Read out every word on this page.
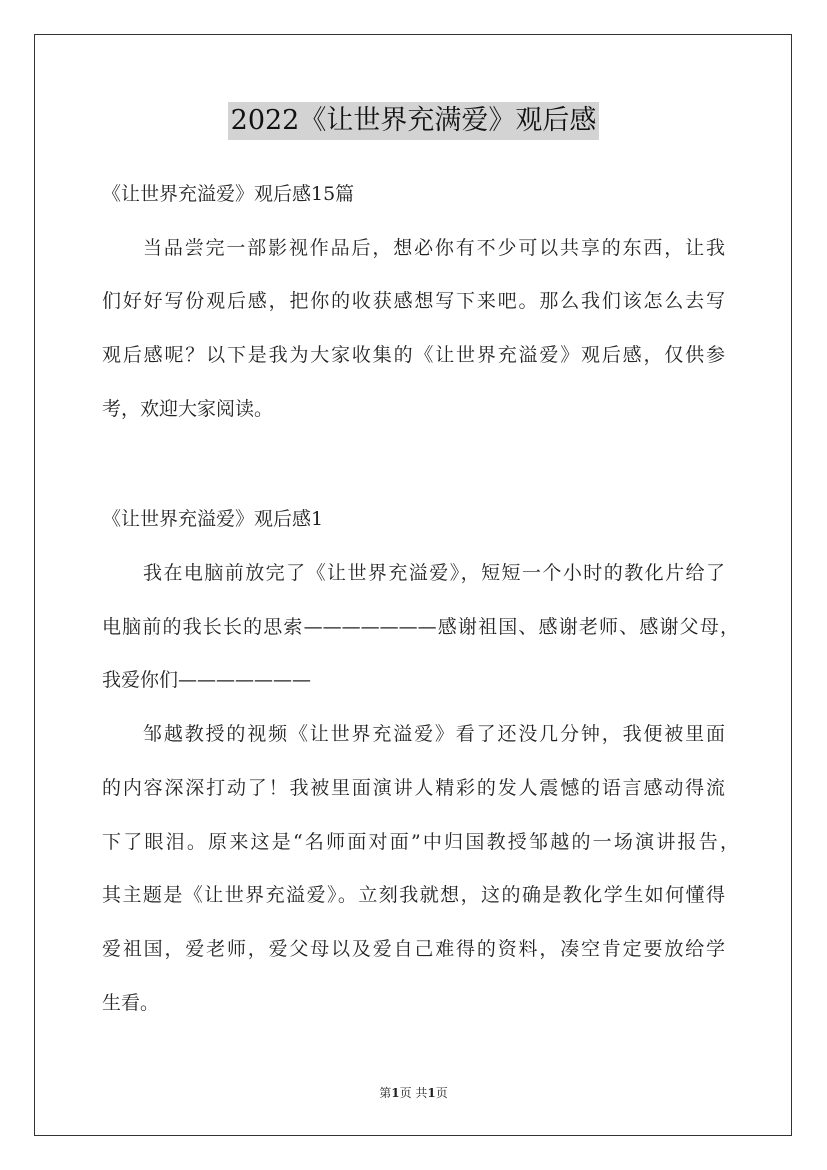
2022《让世界充满爱》观后感
《让世界充溢爱》观后感15篇
当品尝完一部影视作品后，想必你有不少可以共享的东西，让我
们好好写份观后感，把你的收获感想写下来吧。那么我们该怎么去写
观后感呢？以下是我为大家收集的《让世界充溢爱》观后感，仅供参
考，欢迎大家阅读。
《让世界充溢爱》观后感1
我在电脑前放完了《让世界充溢爱》，短短一个小时的教化片给了
电脑前的我长长的思索———————感谢祖国、感谢老师、感谢父母，
我爱你们———————
邹越教授的视频《让世界充溢爱》看了还没几分钟，我便被里面
的内容深深打动了！我被里面演讲人精彩的发人震憾的语言感动得流
下了眼泪。原来这是“名师面对面”中归国教授邹越的一场演讲报告，
其主题是《让世界充溢爱》。立刻我就想，这的确是教化学生如何懂得
爱祖国，爱老师，爱父母以及爱自己难得的资料，凑空肯定要放给学
生看。
第1页 共1页
